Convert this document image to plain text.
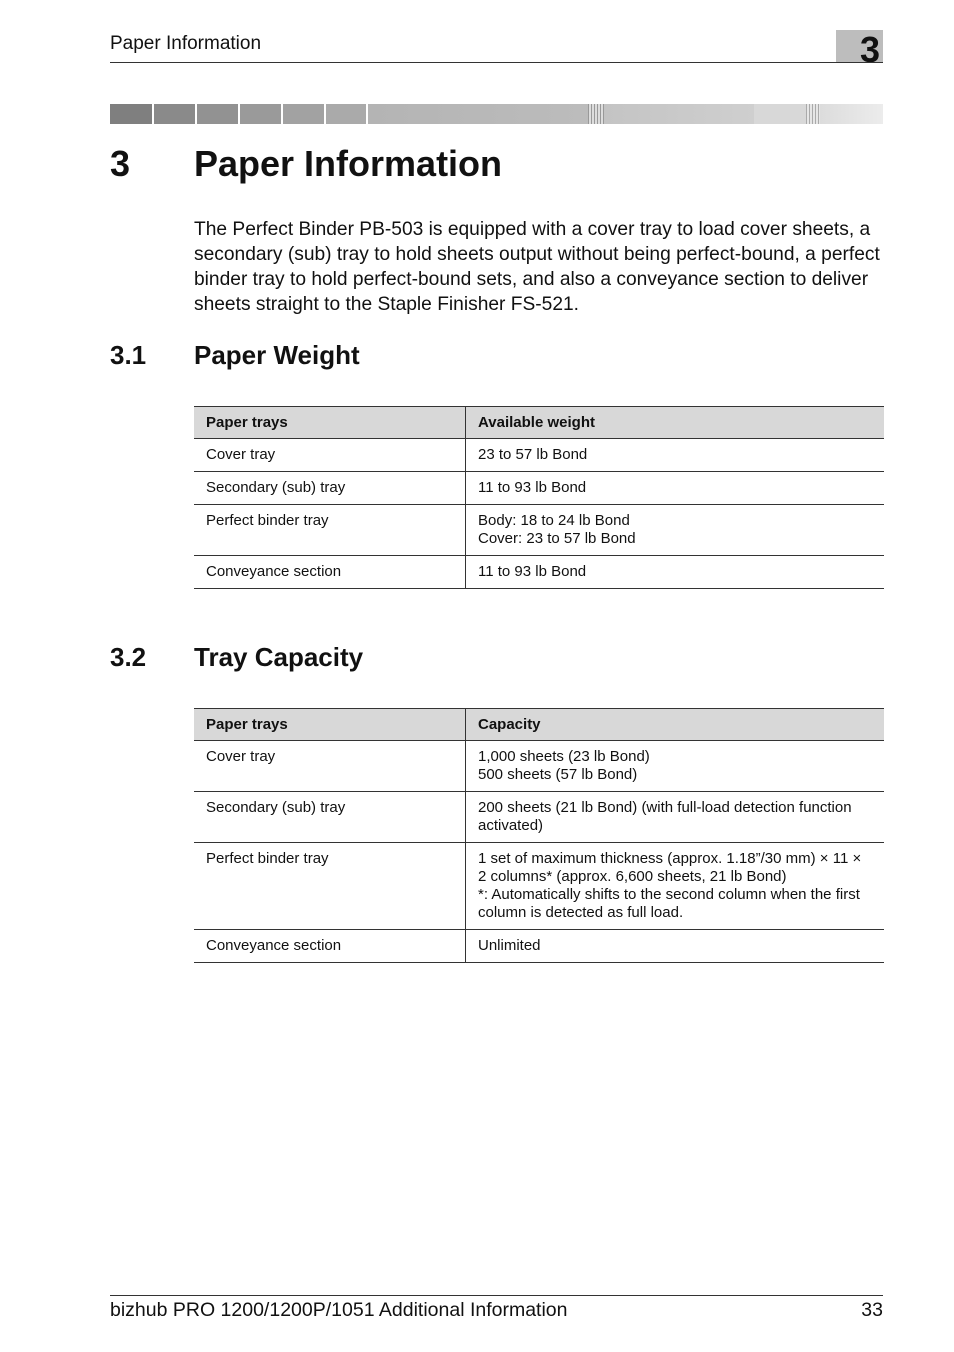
Paper Information	3
3 Paper Information

The Perfect Binder PB-503 is equipped with a cover tray to load cover sheets, a secondary (sub) tray to hold sheets output without being perfect-bound, a perfect binder tray to hold perfect-bound sets, and also a conveyance section to deliver sheets straight to the Staple Finisher FS-521.

3.1 Paper Weight
Paper trays	Available weight
Cover tray	23 to 57 lb Bond

Secondary (sub) tray	11 to 93 lb Bond

Perfect binder tray	Body: 18 to 24 lb Bond
Cover: 23 to 57 lb Bond

Conveyance section	11 to 93 lb Bond
3.2 Tray Capacity
Paper trays	Capacity
Cover tray	1,000 sheets (23 lb Bond)
500 sheets (57 lb Bond)

Secondary (sub) tray	200 sheets (21 lb Bond) (with full-load detection function activated)

Perfect binder tray	1 set of maximum thickness (approx. 1.18”/30 mm) × 11 × 2 columns* (approx. 6,600 sheets, 21 lb Bond)
*: Automatically shifts to the second column when the first column is detected as full load.

Conveyance section	Unlimited
bizhub PRO 1200/1200P/1051 Additional Information	33
